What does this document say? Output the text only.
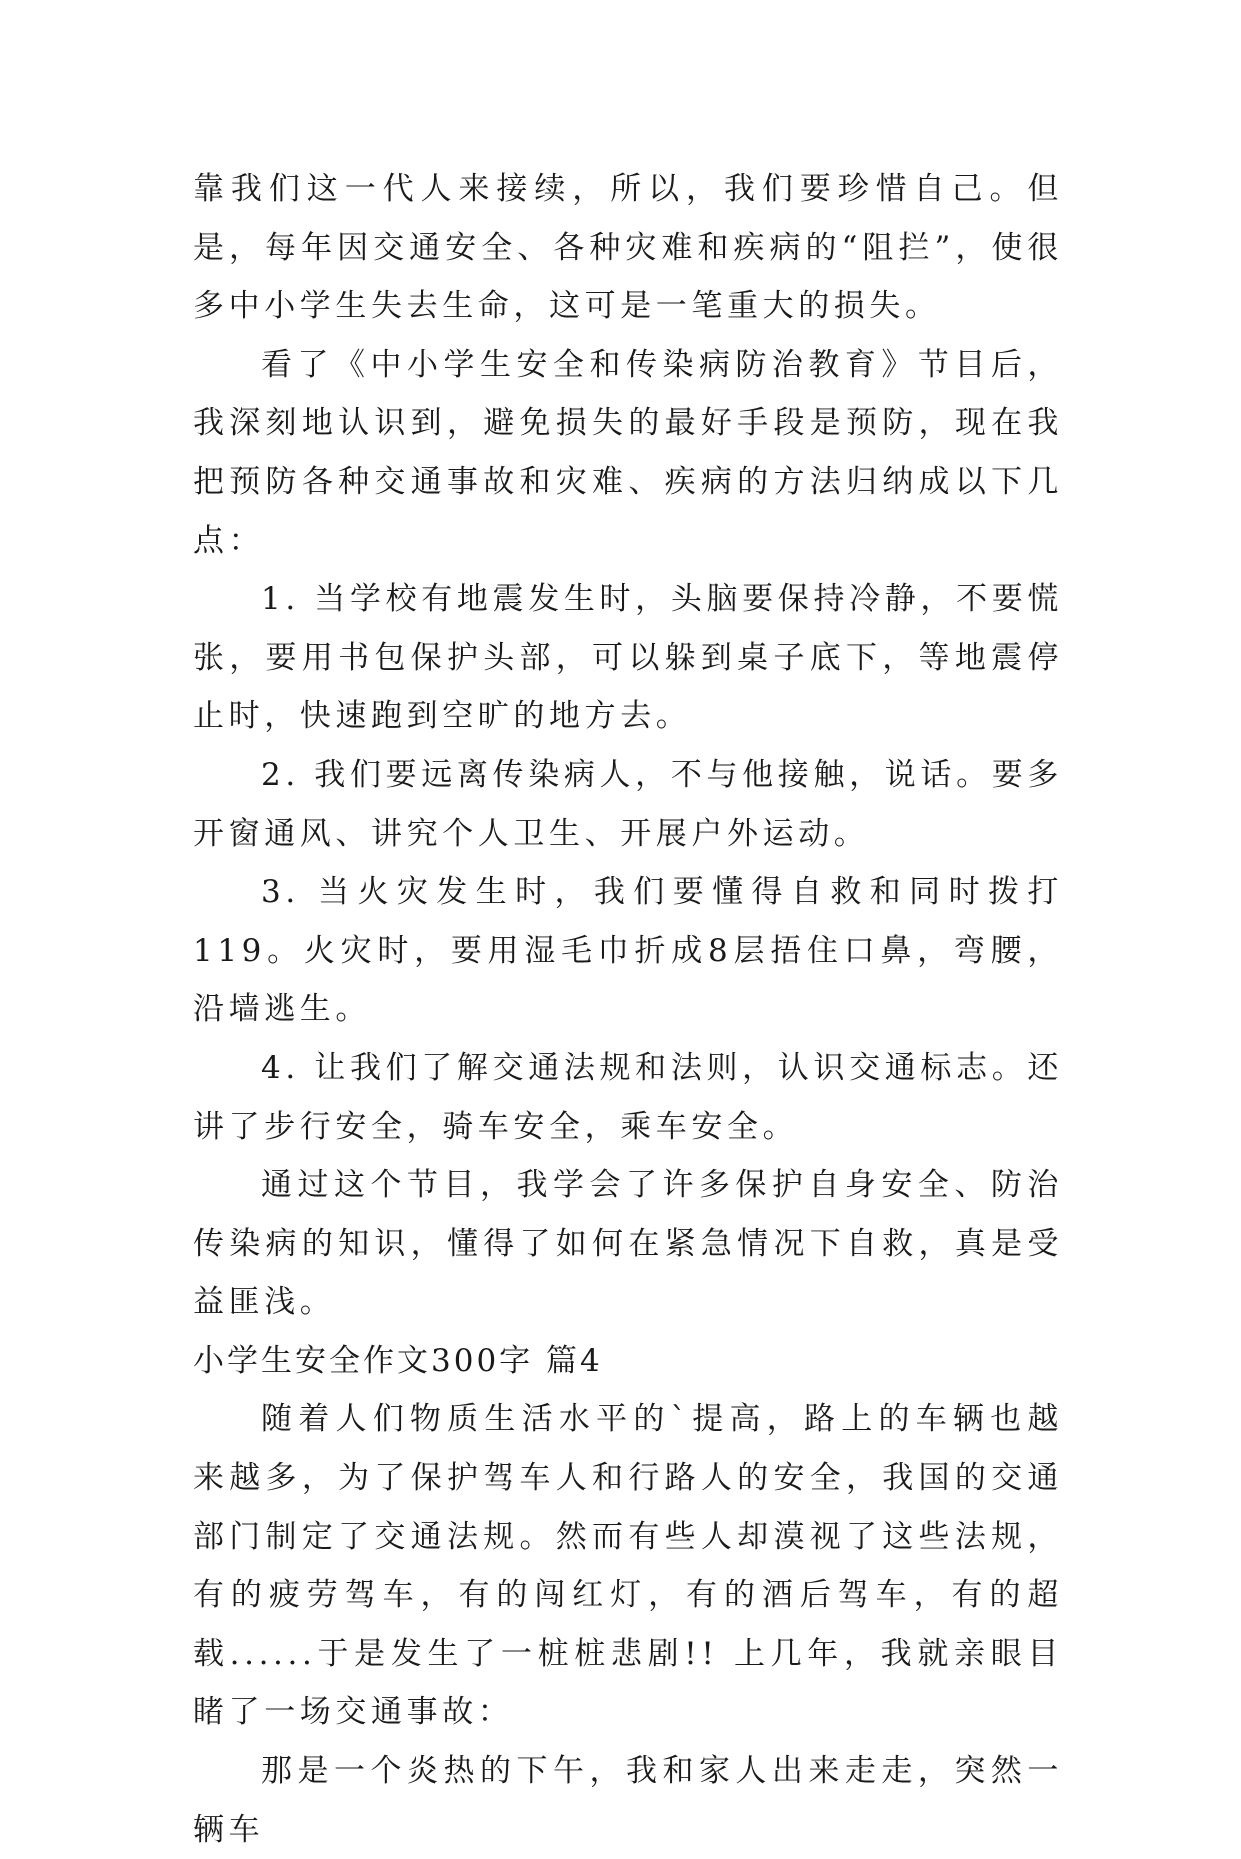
靠我们这一代人来接续，所以，我们要珍惜自己。但是，每年因交通安全、各种灾难和疾病的“阻拦”，使很多中小学生失去生命，这可是一笔重大的损失。

看了《中小学生安全和传染病防治教育》节目后，我深刻地认识到，避免损失的最好手段是预防，现在我把预防各种交通事故和灾难、疾病的方法归纳成以下几点：

1. 当学校有地震发生时，头脑要保持冷静，不要慌张，要用书包保护头部，可以躲到桌子底下，等地震停止时，快速跑到空旷的地方去。

2. 我们要远离传染病人，不与他接触，说话。要多开窗通风、讲究个人卫生、开展户外运动。

3. 当火灾发生时，我们要懂得自救和同时拨打119。火灾时，要用湿毛巾折成8层捂住口鼻，弯腰，沿墙逃生。

4. 让我们了解交通法规和法则，认识交通标志。还讲了步行安全，骑车安全，乘车安全。

通过这个节目，我学会了许多保护自身安全、防治传染病的知识，懂得了如何在紧急情况下自救，真是受益匪浅。

小学生安全作文300字 篇4

随着人们物质生活水平的`提高，路上的车辆也越来越多，为了保护驾车人和行路人的安全，我国的交通部门制定了交通法规。然而有些人却漠视了这些法规，有的疲劳驾车，有的闯红灯，有的酒后驾车，有的超载......于是发生了一桩桩悲剧!! 上几年，我就亲眼目睹了一场交通事故：

那是一个炎热的下午，我和家人出来走走，突然一辆车
